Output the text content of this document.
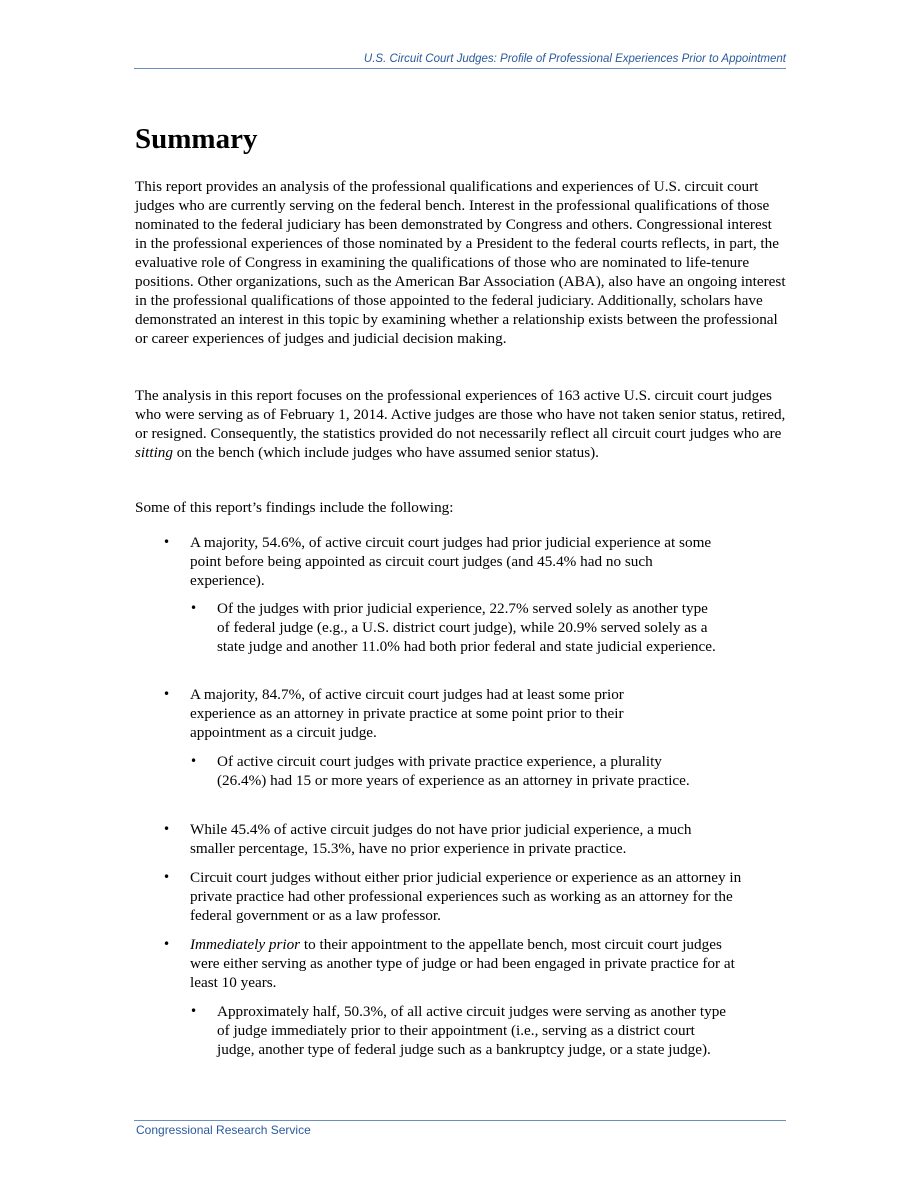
U.S. Circuit Court Judges: Profile of Professional Experiences Prior to Appointment
Summary

This report provides an analysis of the professional qualifications and experiences of U.S. circuit court judges who are currently serving on the federal bench. Interest in the professional qualifications of those nominated to the federal judiciary has been demonstrated by Congress and others. Congressional interest in the professional experiences of those nominated by a President to the federal courts reflects, in part, the evaluative role of Congress in examining the qualifications of those who are nominated to life-tenure positions. Other organizations, such as the American Bar Association (ABA), also have an ongoing interest in the professional qualifications of those appointed to the federal judiciary. Additionally, scholars have demonstrated an interest in this topic by examining whether a relationship exists between the professional or career experiences of judges and judicial decision making.

The analysis in this report focuses on the professional experiences of 163 active U.S. circuit court judges who were serving as of February 1, 2014. Active judges are those who have not taken senior status, retired, or resigned. Consequently, the statistics provided do not necessarily reflect all circuit court judges who are sitting on the bench (which include judges who have assumed senior status).

Some of this report’s findings include the following:

• A majority, 54.6%, of active circuit court judges had prior judicial experience at some point before being appointed as circuit court judges (and 45.4% had no such experience).
• Of the judges with prior judicial experience, 22.7% served solely as another type of federal judge (e.g., a U.S. district court judge), while 20.9% served solely as a state judge and another 11.0% had both prior federal and state judicial experience.
• A majority, 84.7%, of active circuit court judges had at least some prior experience as an attorney in private practice at some point prior to their appointment as a circuit judge.
• Of active circuit court judges with private practice experience, a plurality (26.4%) had 15 or more years of experience as an attorney in private practice.
• While 45.4% of active circuit judges do not have prior judicial experience, a much smaller percentage, 15.3%, have no prior experience in private practice.
• Circuit court judges without either prior judicial experience or experience as an attorney in private practice had other professional experiences such as working as an attorney for the federal government or as a law professor.
• Immediately prior to their appointment to the appellate bench, most circuit court judges were either serving as another type of judge or had been engaged in private practice for at least 10 years.
• Approximately half, 50.3%, of all active circuit judges were serving as another type of judge immediately prior to their appointment (i.e., serving as a district court judge, another type of federal judge such as a bankruptcy judge, or a state judge).
Congressional Research Service
